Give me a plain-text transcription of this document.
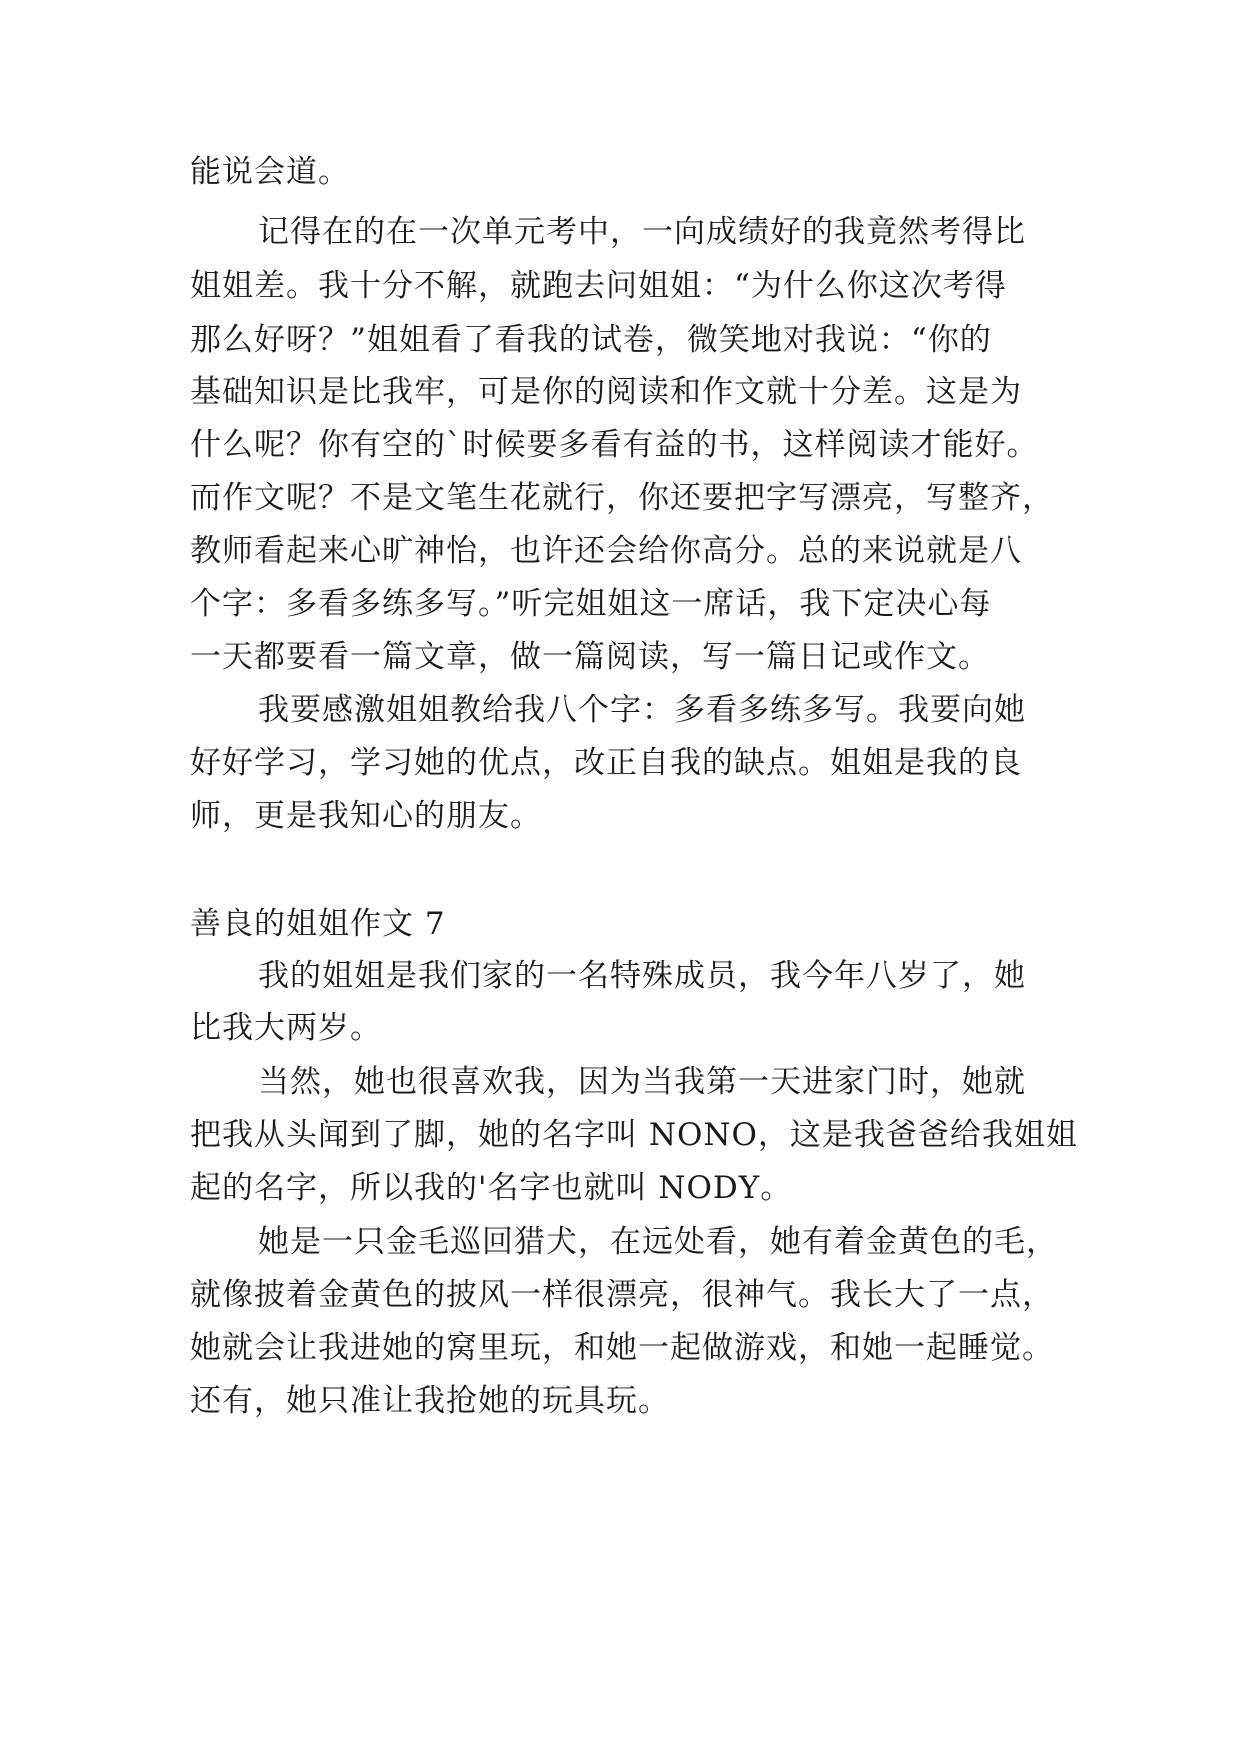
能说会道。
记得在的在一次单元考中，一向成绩好的我竟然考得比
姐姐差。我十分不解，就跑去问姐姐：“为什么你这次考得
那么好呀？”姐姐看了看我的试卷，微笑地对我说：“你的
基础知识是比我牢，可是你的阅读和作文就十分差。这是为
什么呢？你有空的`时候要多看有益的书，这样阅读才能好。
而作文呢？不是文笔生花就行，你还要把字写漂亮，写整齐，
教师看起来心旷神怡，也许还会给你高分。总的来说就是八
个字：多看多练多写。”听完姐姐这一席话，我下定决心每
一天都要看一篇文章，做一篇阅读，写一篇日记或作文。
我要感激姐姐教给我八个字：多看多练多写。我要向她
好好学习，学习她的优点，改正自我的缺点。姐姐是我的良
师，更是我知心的朋友。
善良的姐姐作文 7
我的姐姐是我们家的一名特殊成员，我今年八岁了，她
比我大两岁。
当然，她也很喜欢我，因为当我第一天进家门时，她就
把我从头闻到了脚，她的名字叫 NONO，这是我爸爸给我姐姐
起的名字，所以我的'名字也就叫 NODY。
她是一只金毛巡回猎犬，在远处看，她有着金黄色的毛，
就像披着金黄色的披风一样很漂亮，很神气。我长大了一点，
她就会让我进她的窝里玩，和她一起做游戏，和她一起睡觉。
还有，她只准让我抢她的玩具玩。
